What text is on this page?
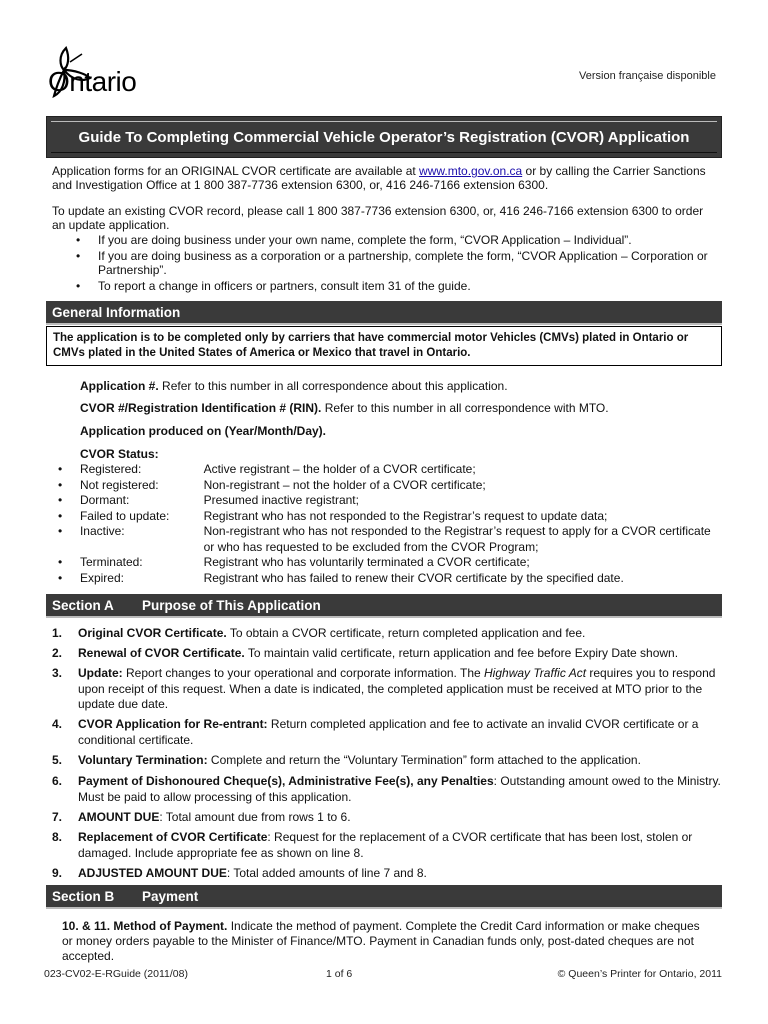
Ontario	Version française disponible
Guide To Completing Commercial Vehicle Operator’s Registration (CVOR) Application
Application forms for an ORIGINAL CVOR certificate are available at www.mto.gov.on.ca or by calling the Carrier Sanctions and Investigation Office at 1 800 387-7736 extension 6300, or, 416 246-7166 extension 6300.
To update an existing CVOR record, please call 1 800 387-7736 extension 6300, or, 416 246-7166 extension 6300 to order an update application.
• If you are doing business under your own name, complete the form, “CVOR Application – Individual”.
• If you are doing business as a corporation or a partnership, complete the form, “CVOR Application – Corporation or Partnership”.
• To report a change in officers or partners, consult item 31 of the guide.
General Information
The application is to be completed only by carriers that have commercial motor Vehicles (CMVs) plated in Ontario or CMVs plated in the United States of America or Mexico that travel in Ontario.
Application #. Refer to this number in all correspondence about this application.
CVOR #/Registration Identification # (RIN). Refer to this number in all correspondence with MTO.
Application produced on (Year/Month/Day).
CVOR Status:
•	Registered:	Active registrant – the holder of a CVOR certificate;
•	Not registered:	Non-registrant – not the holder of a CVOR certificate;
•	Dormant:	Presumed inactive registrant;
•	Failed to update:	Registrant who has not responded to the Registrar’s request to update data;
•	Inactive:	Non-registrant who has not responded to the Registrar’s request to apply for a CVOR certificate or who has requested to be excluded from the CVOR Program;
•	Terminated:	Registrant who has voluntarily terminated a CVOR certificate;
•	Expired:	Registrant who has failed to renew their CVOR certificate by the specified date.
Section A Purpose of This Application
1.	Original CVOR Certificate. To obtain a CVOR certificate, return completed application and fee.
2.	Renewal of CVOR Certificate. To maintain valid certificate, return application and fee before Expiry Date shown.
3.	Update: Report changes to your operational and corporate information. The Highway Traffic Act requires you to respond upon receipt of this request. When a date is indicated, the completed application must be received at MTO prior to the update due date.
4.	CVOR Application for Re-entrant: Return completed application and fee to activate an invalid CVOR certificate or a conditional certificate.
5.	Voluntary Termination: Complete and return the “Voluntary Termination” form attached to the application.
6.	Payment of Dishonoured Cheque(s), Administrative Fee(s), any Penalties: Outstanding amount owed to the Ministry. Must be paid to allow processing of this application.
7.	AMOUNT DUE: Total amount due from rows 1 to 6.
8.	Replacement of CVOR Certificate: Request for the replacement of a CVOR certificate that has been lost, stolen or damaged. Include appropriate fee as shown on line 8.
9.	ADJUSTED AMOUNT DUE: Total added amounts of line 7 and 8.
Section B Payment
10. & 11. Method of Payment. Indicate the method of payment. Complete the Credit Card information or make cheques or money orders payable to the Minister of Finance/MTO. Payment in Canadian funds only, post-dated cheques are not accepted.
023-CV02-E-RGuide (2011/08)	1 of 6	© Queen’s Printer for Ontario, 2011
